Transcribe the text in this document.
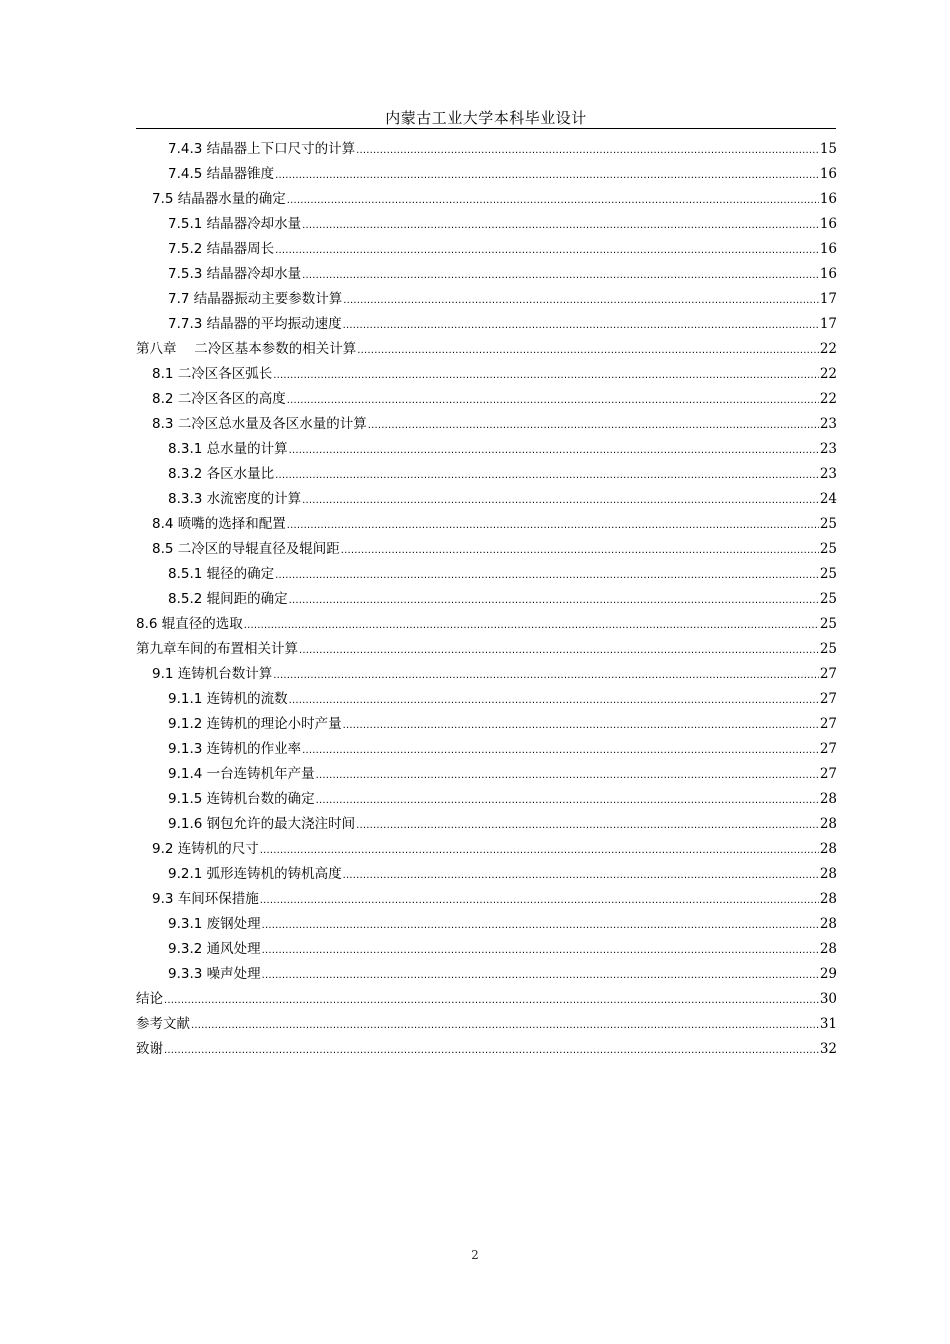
内蒙古工业大学本科毕业设计
7.4.3 结晶器上下口尺寸的计算 .....	15
7.4.5 结晶器锥度 .....	16
7.5 结晶器水量的确定 .....	16
7.5.1 结晶器冷却水量 .....	16
7.5.2 结晶器周长 .....	16
7.5.3 结晶器冷却水量 .....	16
7.7 结晶器振动主要参数计算 .....	17
7.7.3 结晶器的平均振动速度 .....	17
第八章　 二冷区基本参数的相关计算 .....	22
8.1 二冷区各区弧长 .....	22
8.2 二冷区各区的高度 .....	22
8.3 二冷区总水量及各区水量的计算 .....	23
8.3.1 总水量的计算 .....	23
8.3.2 各区水量比 .....	23
8.3.3 水流密度的计算 .....	24
8.4 喷嘴的选择和配置 .....	25
8.5 二冷区的导辊直径及辊间距 .....	25
8.5.1 辊径的确定 .....	25
8.5.2 辊间距的确定 .....	25
8.6 辊直径的选取 .....	25
第九章车间的布置相关计算 .....	25
9.1 连铸机台数计算 .....	27
9.1.1 连铸机的流数 .....	27
9.1.2 连铸机的理论小时产量 .....	27
9.1.3 连铸机的作业率 .....	27
9.1.4 一台连铸机年产量 .....	27
9.1.5 连铸机台数的确定 .....	28
9.1.6 钢包允许的最大浇注时间 .....	28
9.2 连铸机的尺寸 .....	28
9.2.1 弧形连铸机的铸机高度 .....	28
9.3 车间环保措施 .....	28
9.3.1 废钢处理 .....	28
9.3.2 通风处理 .....	28
9.3.3 噪声处理 .....	29
结论 .....	30
参考文献 .....	31
致谢 .....	32
2
